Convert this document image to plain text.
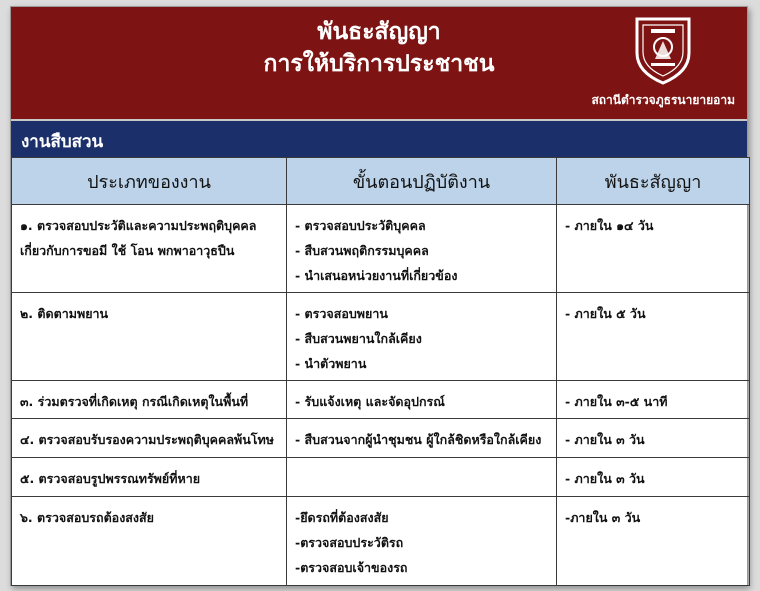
พันธะสัญญา
การให้บริการประชาชน
สถานีตำรวจภูธรนายายอาม
งานสืบสวน
ประเภทของงาน	ขั้นตอนปฏิบัติงาน	พันธะสัญญา

๑. ตรวจสอบประวัติและความประพฤติบุคคล
เกี่ยวกับการขอมี ใช้ โอน พกพาอาวุธปืน	- ตรวจสอบประวัติบุคคล
- สืบสวนพฤติกรรมบุคคล
- นำเสนอหน่วยงานที่เกี่ยวข้อง	- ภายใน ๑๔ วัน

๒. ติดตามพยาน	- ตรวจสอบพยาน
- สืบสวนพยานใกล้เคียง
- นำตัวพยาน	- ภายใน ๕ วัน

๓. ร่วมตรวจที่เกิดเหตุ กรณีเกิดเหตุในพื้นที่	- รับแจ้งเหตุ และจัดอุปกรณ์	- ภายใน ๓-๕ นาที

๔. ตรวจสอบรับรองความประพฤติบุคคลพ้นโทษ	- สืบสวนจากผู้นำชุมชน ผู้ใกล้ชิดหรือใกล้เคียง	- ภายใน ๓ วัน

๕. ตรวจสอบรูปพรรณทรัพย์ที่หาย		- ภายใน ๓ วัน

๖. ตรวจสอบรถต้องสงสัย	-ยึดรถที่ต้องสงสัย
-ตรวจสอบประวัติรถ
-ตรวจสอบเจ้าของรถ	-ภายใน ๓ วัน
